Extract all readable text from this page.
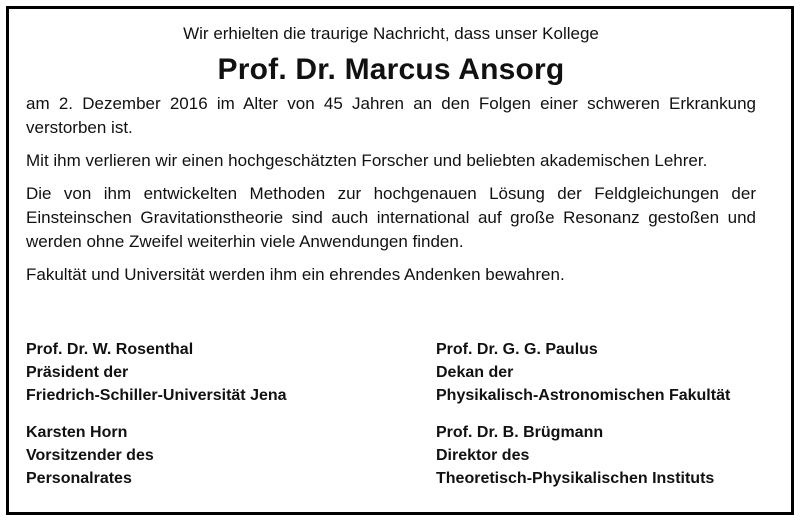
Wir erhielten die traurige Nachricht, dass unser Kollege

Prof. Dr. Marcus Ansorg

am 2. Dezember 2016 im Alter von 45 Jahren an den Folgen einer schweren Erkrankung verstorben ist.

Mit ihm verlieren wir einen hochgeschätzten Forscher und beliebten akademischen Lehrer.

Die von ihm entwickelten Methoden zur hochgenauen Lösung der Feldgleichungen der Einsteinschen Gravitationstheorie sind auch international auf große Resonanz gestoßen und werden ohne Zweifel weiterhin viele Anwendungen finden.

Fakultät und Universität werden ihm ein ehrendes Andenken bewahren.

Prof. Dr. W. Rosenthal
Präsident der
Friedrich-Schiller-Universität Jena
Prof. Dr. G. G. Paulus
Dekan der
Physikalisch-Astronomischen Fakultät
Karsten Horn
Vorsitzender des
Personalrates
Prof. Dr. B. Brügmann
Direktor des
Theoretisch-Physikalischen Instituts
